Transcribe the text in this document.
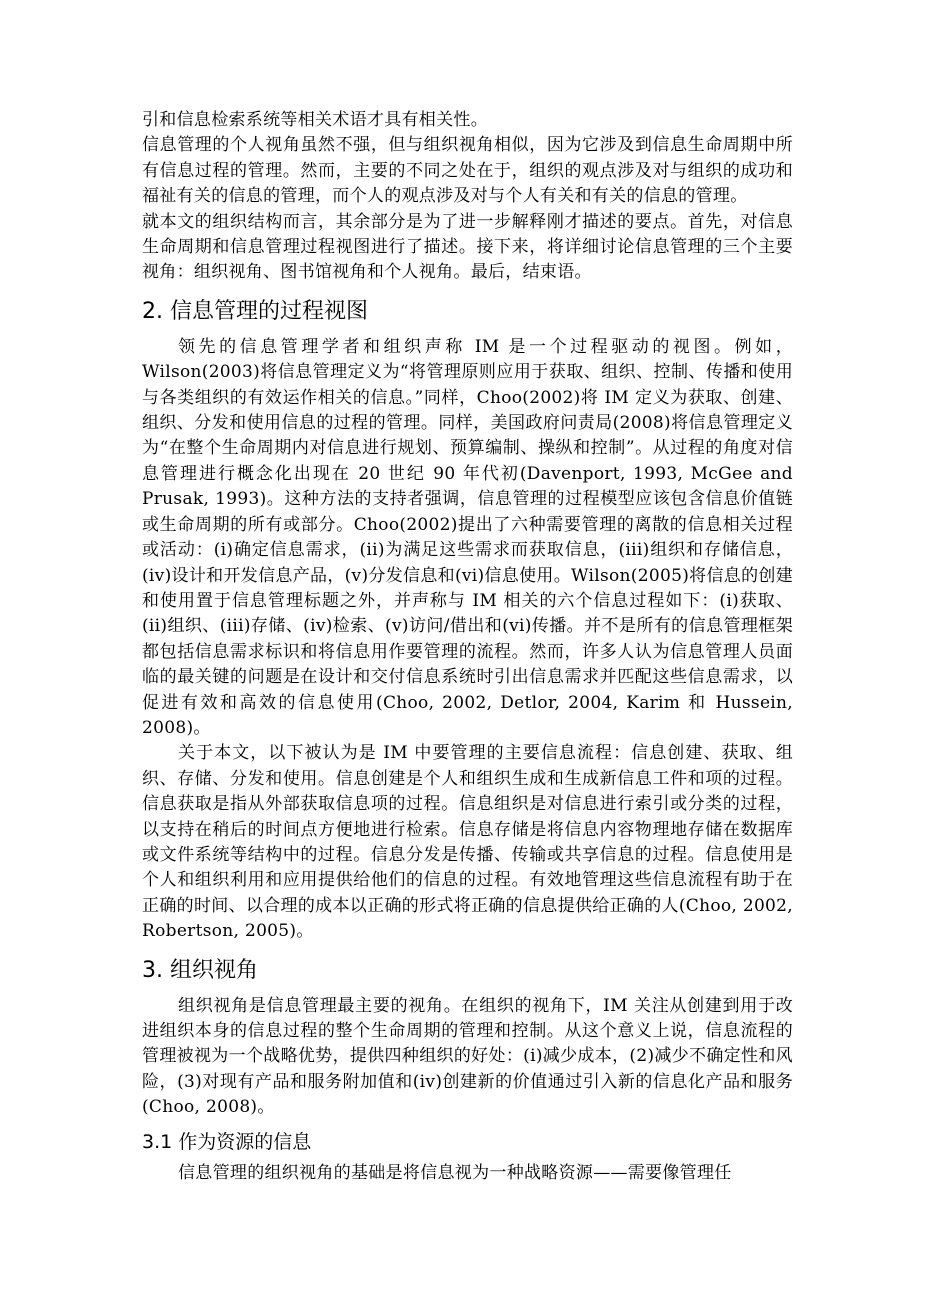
引和信息检索系统等相关术语才具有相关性。

信息管理的个人视角虽然不强，但与组织视角相似，因为它涉及到信息生命周期中所有信息过程的管理。然而，主要的不同之处在于，组织的观点涉及对与组织的成功和福祉有关的信息的管理，而个人的观点涉及对与个人有关和有关的信息的管理。

就本文的组织结构而言，其余部分是为了进一步解释刚才描述的要点。首先，对信息生命周期和信息管理过程视图进行了描述。接下来，将详细讨论信息管理的三个主要视角：组织视角、图书馆视角和个人视角。最后，结束语。

2. 信息管理的过程视图

领先的信息管理学者和组织声称 IM 是一个过程驱动的视图。例如，Wilson(2003)将信息管理定义为“将管理原则应用于获取、组织、控制、传播和使用与各类组织的有效运作相关的信息。”同样，Choo(2002)将 IM 定义为获取、创建、组织、分发和使用信息的过程的管理。同样，美国政府问责局(2008)将信息管理定义为“在整个生命周期内对信息进行规划、预算编制、操纵和控制”。从过程的角度对信息管理进行概念化出现在 20 世纪 90 年代初(Davenport, 1993, McGee and Prusak, 1993)。这种方法的支持者强调，信息管理的过程模型应该包含信息价值链或生命周期的所有或部分。Choo(2002)提出了六种需要管理的离散的信息相关过程或活动：(i)确定信息需求，(ii)为满足这些需求而获取信息，(iii)组织和存储信息，(iv)设计和开发信息产品，(v)分发信息和(vi)信息使用。Wilson(2005)将信息的创建和使用置于信息管理标题之外，并声称与 IM 相关的六个信息过程如下：(i)获取、(ii)组织、(iii)存储、(iv)检索、(v)访问/借出和(vi)传播。并不是所有的信息管理框架都包括信息需求标识和将信息用作要管理的流程。然而，许多人认为信息管理人员面临的最关键的问题是在设计和交付信息系统时引出信息需求并匹配这些信息需求，以促进有效和高效的信息使用(Choo, 2002, Detlor, 2004, Karim 和 Hussein, 2008)。

关于本文，以下被认为是 IM 中要管理的主要信息流程：信息创建、获取、组织、存储、分发和使用。信息创建是个人和组织生成和生成新信息工件和项的过程。信息获取是指从外部获取信息项的过程。信息组织是对信息进行索引或分类的过程，以支持在稍后的时间点方便地进行检索。信息存储是将信息内容物理地存储在数据库或文件系统等结构中的过程。信息分发是传播、传输或共享信息的过程。信息使用是个人和组织利用和应用提供给他们的信息的过程。有效地管理这些信息流程有助于在正确的时间、以合理的成本以正确的形式将正确的信息提供给正确的人(Choo, 2002, Robertson, 2005)。

3. 组织视角

组织视角是信息管理最主要的视角。在组织的视角下，IM 关注从创建到用于改进组织本身的信息过程的整个生命周期的管理和控制。从这个意义上说，信息流程的管理被视为一个战略优势，提供四种组织的好处：(i)减少成本，(2)减少不确定性和风险，(3)对现有产品和服务附加值和(iv)创建新的价值通过引入新的信息化产品和服务(Choo, 2008)。

3.1 作为资源的信息

信息管理的组织视角的基础是将信息视为一种战略资源——需要像管理任
